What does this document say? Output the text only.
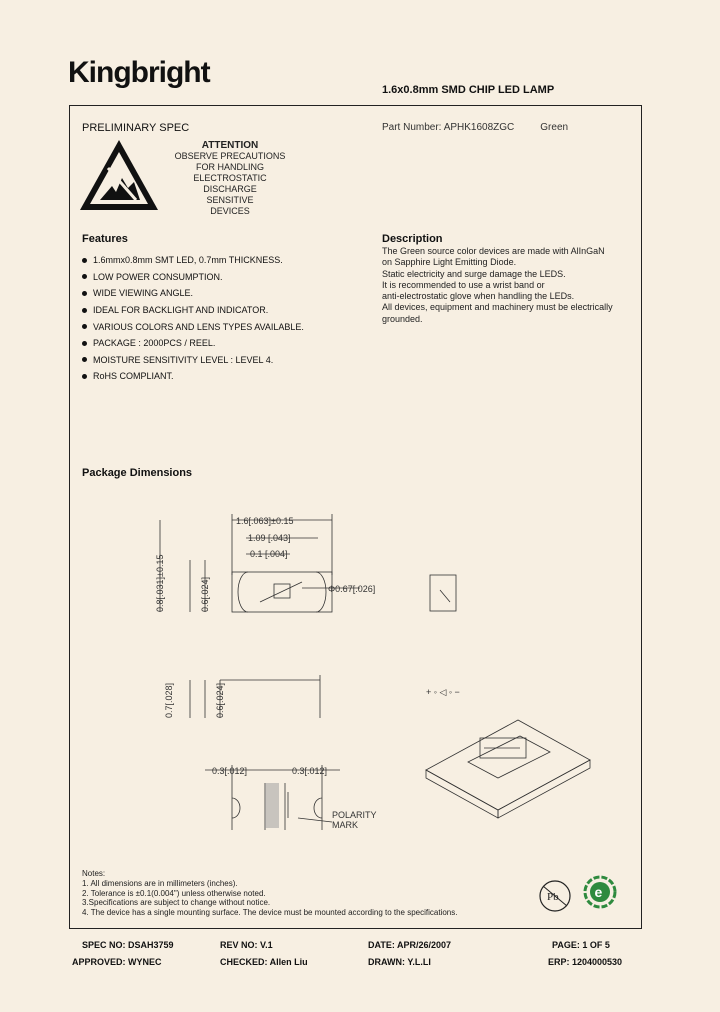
Kingbright
1.6x0.8mm SMD CHIP LED LAMP
PRELIMINARY SPEC	Part Number: APHK1608ZGC	Green
ATTENTION
OBSERVE PRECAUTIONS
FOR HANDLING
ELECTROSTATIC
DISCHARGE
SENSITIVE
DEVICES
Features
1.6mmx0.8mm SMT LED, 0.7mm THICKNESS.
LOW POWER CONSUMPTION.
WIDE VIEWING ANGLE.
IDEAL FOR BACKLIGHT AND INDICATOR.
VARIOUS COLORS AND LENS TYPES AVAILABLE.
PACKAGE : 2000PCS / REEL.
MOISTURE SENSITIVITY LEVEL : LEVEL 4.
RoHS COMPLIANT.
Description
The Green source color devices are made with AlInGaN
on Sapphire Light Emitting Diode.
Static electricity and surge damage the LEDS.
It is recommended to use a wrist band or
anti-electrostatic glove when handling the LEDs.
All devices, equipment and machinery must be electrically
grounded.
Package Dimensions
1.6[.063]±0.15
1.09 [.043]
0.1 [.004]
Φ0.67[.026]
0.8[.031]±0.15	0.6[.024]
0.7[.028]	0.6[.024]	+ ◦ ◁ ◦ −
0.3[.012]	0.3[.012]
POLARITY
MARK
Notes:
1. All dimensions are in millimeters (inches).
2. Tolerance is ±0.1(0.004") unless otherwise noted.
3.Specifications are subject to change without notice.
4. The device has a single mounting surface. The device must be mounted according to the specifications.
Pb	e
SPEC NO: DSAH3759	REV NO: V.1	DATE: APR/26/2007	PAGE: 1 OF 5
APPROVED: WYNEC	CHECKED: Allen Liu	DRAWN: Y.L.LI	ERP: 1204000530
